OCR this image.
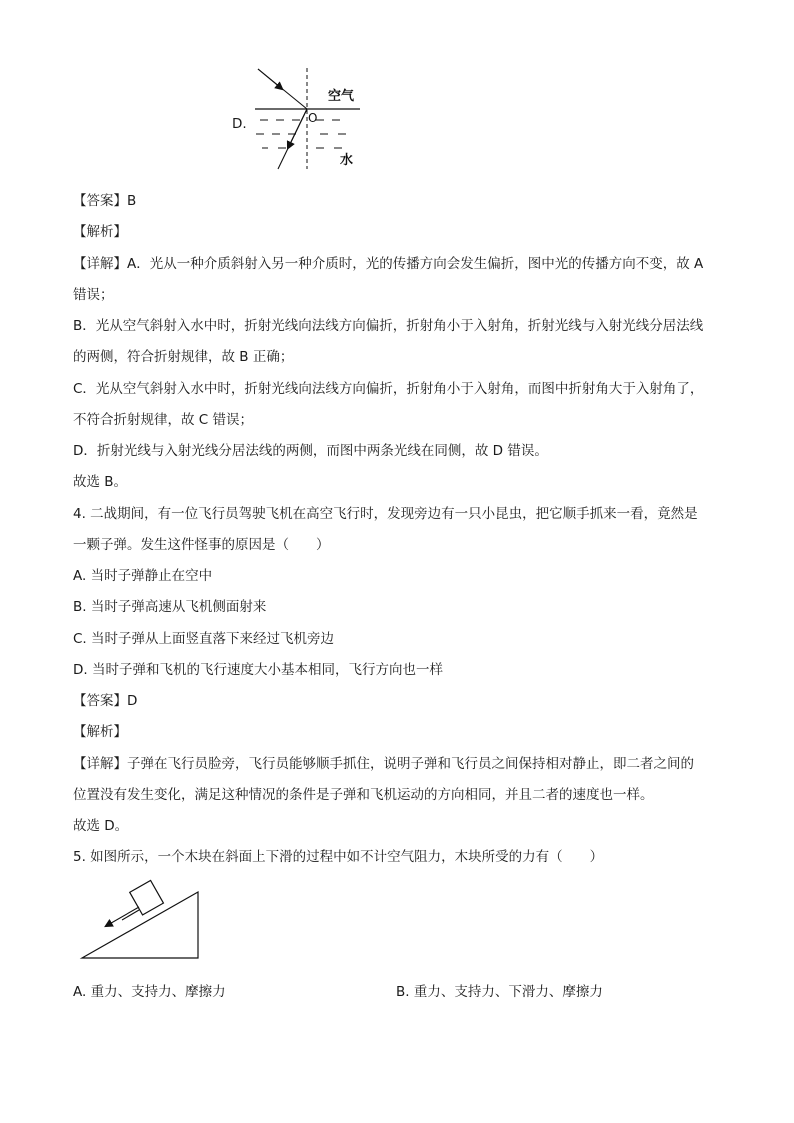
D.	O
空气
水
【答案】B
【解析】
【详解】A．光从一种介质斜射入另一种介质时，光的传播方向会发生偏折，图中光的传播方向不变，故 A
错误；
B．光从空气斜射入水中时，折射光线向法线方向偏折，折射角小于入射角，折射光线与入射光线分居法线
的两侧，符合折射规律，故 B 正确；
C．光从空气斜射入水中时，折射光线向法线方向偏折，折射角小于入射角，而图中折射角大于入射角了，
不符合折射规律，故 C 错误；
D．折射光线与入射光线分居法线的两侧，而图中两条光线在同侧，故 D 错误。
故选 B。
4. 二战期间，有一位飞行员驾驶飞机在高空飞行时，发现旁边有一只小昆虫，把它顺手抓来一看，竟然是
一颗子弹。发生这件怪事的原因是（　　）
A. 当时子弹静止在空中
B. 当时子弹高速从飞机侧面射来
C. 当时子弹从上面竖直落下来经过飞机旁边
D. 当时子弹和飞机的飞行速度大小基本相同，飞行方向也一样
【答案】D
【解析】
【详解】子弹在飞行员脸旁，飞行员能够顺手抓住，说明子弹和飞行员之间保持相对静止，即二者之间的
位置没有发生变化，满足这种情况的条件是子弹和飞机运动的方向相同，并且二者的速度也一样。
故选 D。
5. 如图所示，一个木块在斜面上下滑的过程中如不计空气阻力，木块所受的力有（　　）
A. 重力、支持力、摩擦力	B. 重力、支持力、下滑力、摩擦力
